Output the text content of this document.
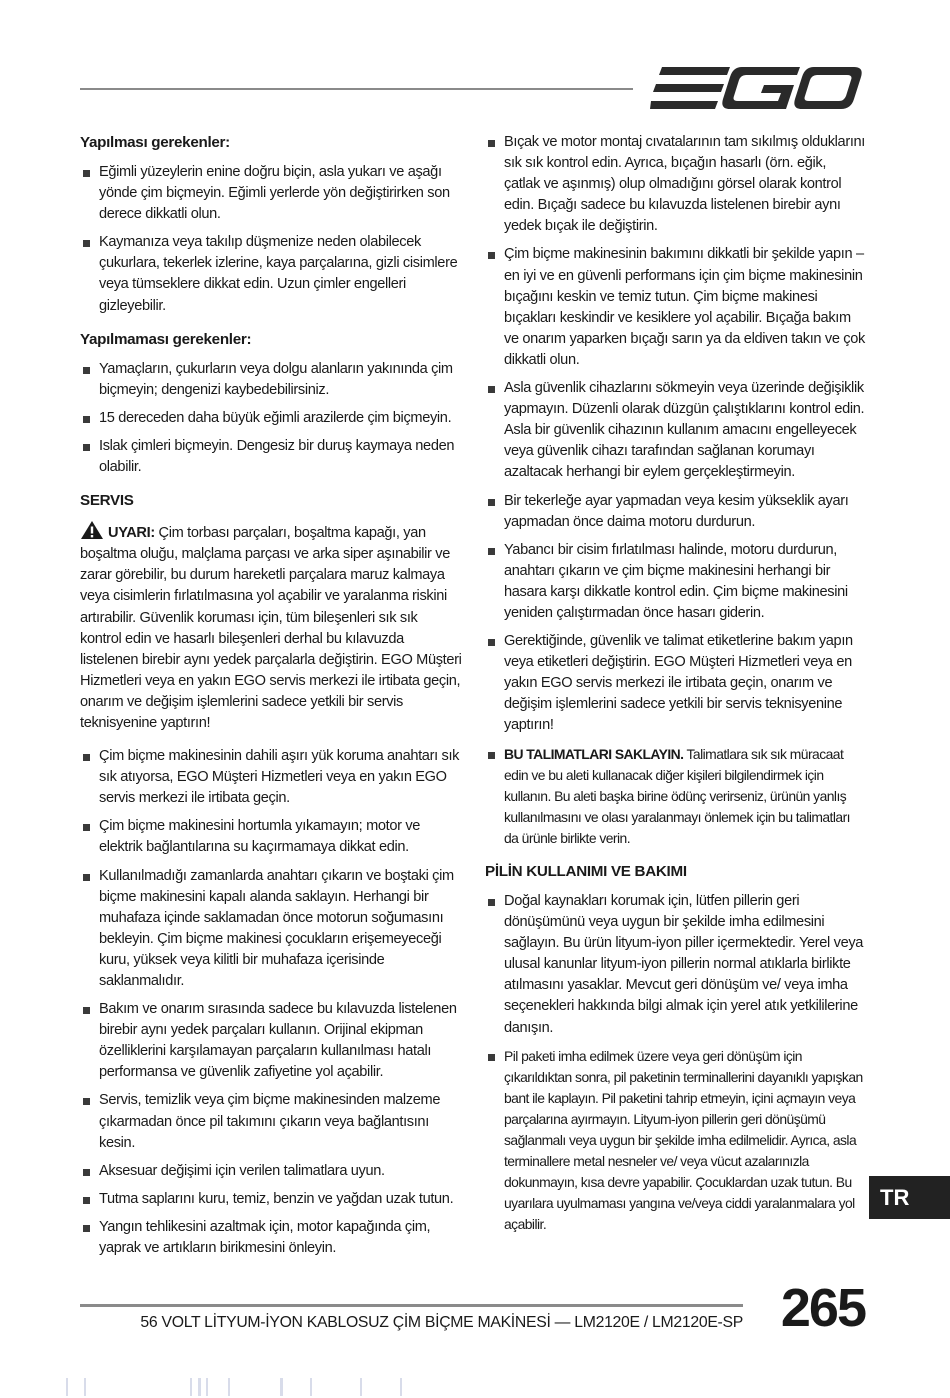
Yapılması gerekenler:
Eğimli yüzeylerin enine doğru biçin, asla yukarı ve aşağı yönde çim biçmeyin. Eğimli yerlerde yön değiştirirken son derece dikkatli olun.
Kaymanıza veya takılıp düşmenize neden olabilecek çukurlara, tekerlek izlerine, kaya parçalarına, gizli cisimlere veya tümseklere dikkat edin. Uzun çimler engelleri gizleyebilir.
Yapılmaması gerekenler:
Yamaçların, çukurların veya dolgu alanların yakınında çim biçmeyin; dengenizi kaybedebilirsiniz.
15 dereceden daha büyük eğimli arazilerde çim biçmeyin.
Islak çimleri biçmeyin. Dengesiz bir duruş kaymaya neden olabilir.
SERVIS

UYARI: Çim torbası parçaları, boşaltma kapağı, yan boşaltma oluğu, malçlama parçası ve arka siper aşınabilir ve zarar görebilir, bu durum hareketli parçalara maruz kalmaya veya cisimlerin fırlatılmasına yol açabilir ve yaralanma riskini artırabilir. Güvenlik koruması için, tüm bileşenleri sık sık kontrol edin ve hasarlı bileşenleri derhal bu kılavuzda listelenen birebir aynı yedek parçalarla değiştirin. EGO Müşteri Hizmetleri veya en yakın EGO servis merkezi ile irtibata geçin, onarım ve değişim işlemlerini sadece yetkili bir servis teknisyenine yaptırın!

Çim biçme makinesinin dahili aşırı yük koruma anahtarı sık sık atıyorsa, EGO Müşteri Hizmetleri veya en yakın EGO servis merkezi ile irtibata geçin.
Çim biçme makinesini hortumla yıkamayın; motor ve elektrik bağlantılarına su kaçırmamaya dikkat edin.
Kullanılmadığı zamanlarda anahtarı çıkarın ve boştaki çim biçme makinesini kapalı alanda saklayın. Herhangi bir muhafaza içinde saklamadan önce motorun soğumasını bekleyin. Çim biçme makinesi çocukların erişemeyeceği kuru, yüksek veya kilitli bir muhafaza içerisinde saklanmalıdır.
Bakım ve onarım sırasında sadece bu kılavuzda listelenen birebir aynı yedek parçaları kullanın. Orijinal ekipman özelliklerini karşılamayan parçaların kullanılması hatalı performansa ve güvenlik zafiyetine yol açabilir.
Servis, temizlik veya çim biçme makinesinden malzeme çıkarmadan önce pil takımını çıkarın veya bağlantısını kesin.
Aksesuar değişimi için verilen talimatlara uyun.
Tutma saplarını kuru, temiz, benzin ve yağdan uzak tutun.
Yangın tehlikesini azaltmak için, motor kapağında çim, yaprak ve artıkların birikmesini önleyin.
Bıçak ve motor montaj cıvatalarının tam sıkılmış olduklarını sık sık kontrol edin. Ayrıca, bıçağın hasarlı (örn. eğik, çatlak ve aşınmış) olup olmadığını görsel olarak kontrol edin. Bıçağı sadece bu kılavuzda listelenen birebir aynı yedek bıçak ile değiştirin.
Çim biçme makinesinin bakımını dikkatli bir şekilde yapın – en iyi ve en güvenli performans için çim biçme makinesinin bıçağını keskin ve temiz tutun. Çim biçme makinesi bıçakları keskindir ve kesiklere yol açabilir. Bıçağa bakım ve onarım yaparken bıçağı sarın ya da eldiven takın ve çok dikkatli olun.
Asla güvenlik cihazlarını sökmeyin veya üzerinde değişiklik yapmayın. Düzenli olarak düzgün çalıştıklarını kontrol edin. Asla bir güvenlik cihazının kullanım amacını engelleyecek veya güvenlik cihazı tarafından sağlanan korumayı azaltacak herhangi bir eylem gerçekleştirmeyin.
Bir tekerleğe ayar yapmadan veya kesim yükseklik ayarı yapmadan önce daima motoru durdurun.
Yabancı bir cisim fırlatılması halinde, motoru durdurun, anahtarı çıkarın ve çim biçme makinesini herhangi bir hasara karşı dikkatle kontrol edin. Çim biçme makinesini yeniden çalıştırmadan önce hasarı giderin.
Gerektiğinde, güvenlik ve talimat etiketlerine bakım yapın veya etiketleri değiştirin. EGO Müşteri Hizmetleri veya en yakın EGO servis merkezi ile irtibata geçin, onarım ve değişim işlemlerini sadece yetkili bir servis teknisyenine yaptırın!
BU TALIMATLARI SAKLAYIN. Talimatlara sık sık müracaat edin ve bu aleti kullanacak diğer kişileri bilgilendirmek için kullanın. Bu aleti başka birine ödünç verirseniz, ürünün yanlış kullanılmasını ve olası yaralanmayı önlemek için bu talimatları da ürünle birlikte verin.
PİLİN KULLANIMI VE BAKIMI
Doğal kaynakları korumak için, lütfen pillerin geri dönüşümünü veya uygun bir şekilde imha edilmesini sağlayın. Bu ürün lityum-iyon piller içermektedir. Yerel veya ulusal kanunlar lityum-iyon pillerin normal atıklarla birlikte atılmasını yasaklar. Mevcut geri dönüşüm ve/ veya imha seçenekleri hakkında bilgi almak için yerel atık yetkililerine danışın.
Pil paketi imha edilmek üzere veya geri dönüşüm için çıkarıldıktan sonra, pil paketinin terminallerini dayanıklı yapışkan bant ile kaplayın. Pil paketini tahrip etmeyin, içini açmayın veya parçalarına ayırmayın. Lityum-iyon pillerin geri dönüşümü sağlanmalı veya uygun bir şekilde imha edilmelidir. Ayrıca, asla terminallere metal nesneler ve/ veya vücut azalarınızla dokunmayın, kısa devre yapabilir. Çocuklardan uzak tutun. Bu uyarılara uyulmaması yangına ve/veya ciddi yaralanmalara yol açabilir.
TR
56 VOLT LİTYUM-İYON KABLOSUZ ÇİM BİÇME MAKİNESİ — LM2120E / LM2120E-SP 265
